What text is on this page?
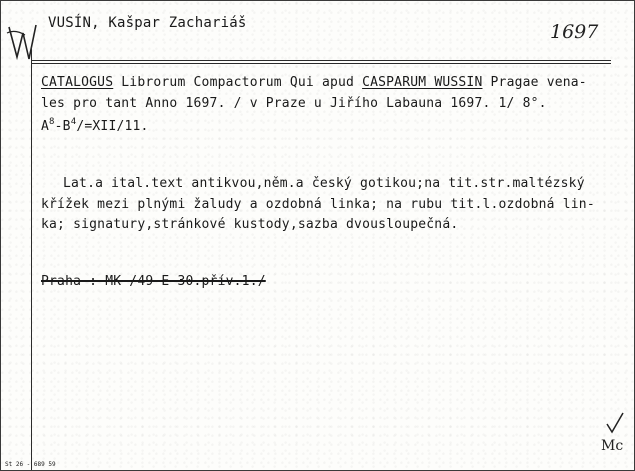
VUSÍN, Kašpar Zachariáš	1697
CATALOGUS Librorum Compactorum Qui apud CASPARUM WUSSIN Pragae vena-
les pro tant Anno 1697. / v Praze u Jiřího Labauna 1697. 1/ 8°.
$A^8-B^4/=XII/11$.
Lat.a ital.text antikvou,něm.a český gotikou;na tit.str.maltézský
křížek mezi plnými žaludy a ozdobná linka; na rubu tit.l.ozdobná lin-
ka; signatury,stránkové kustody,sazba dvousloupečná.
Praha : MK /49 E 30.přív.1./
Mc
St 26 - 689 59
